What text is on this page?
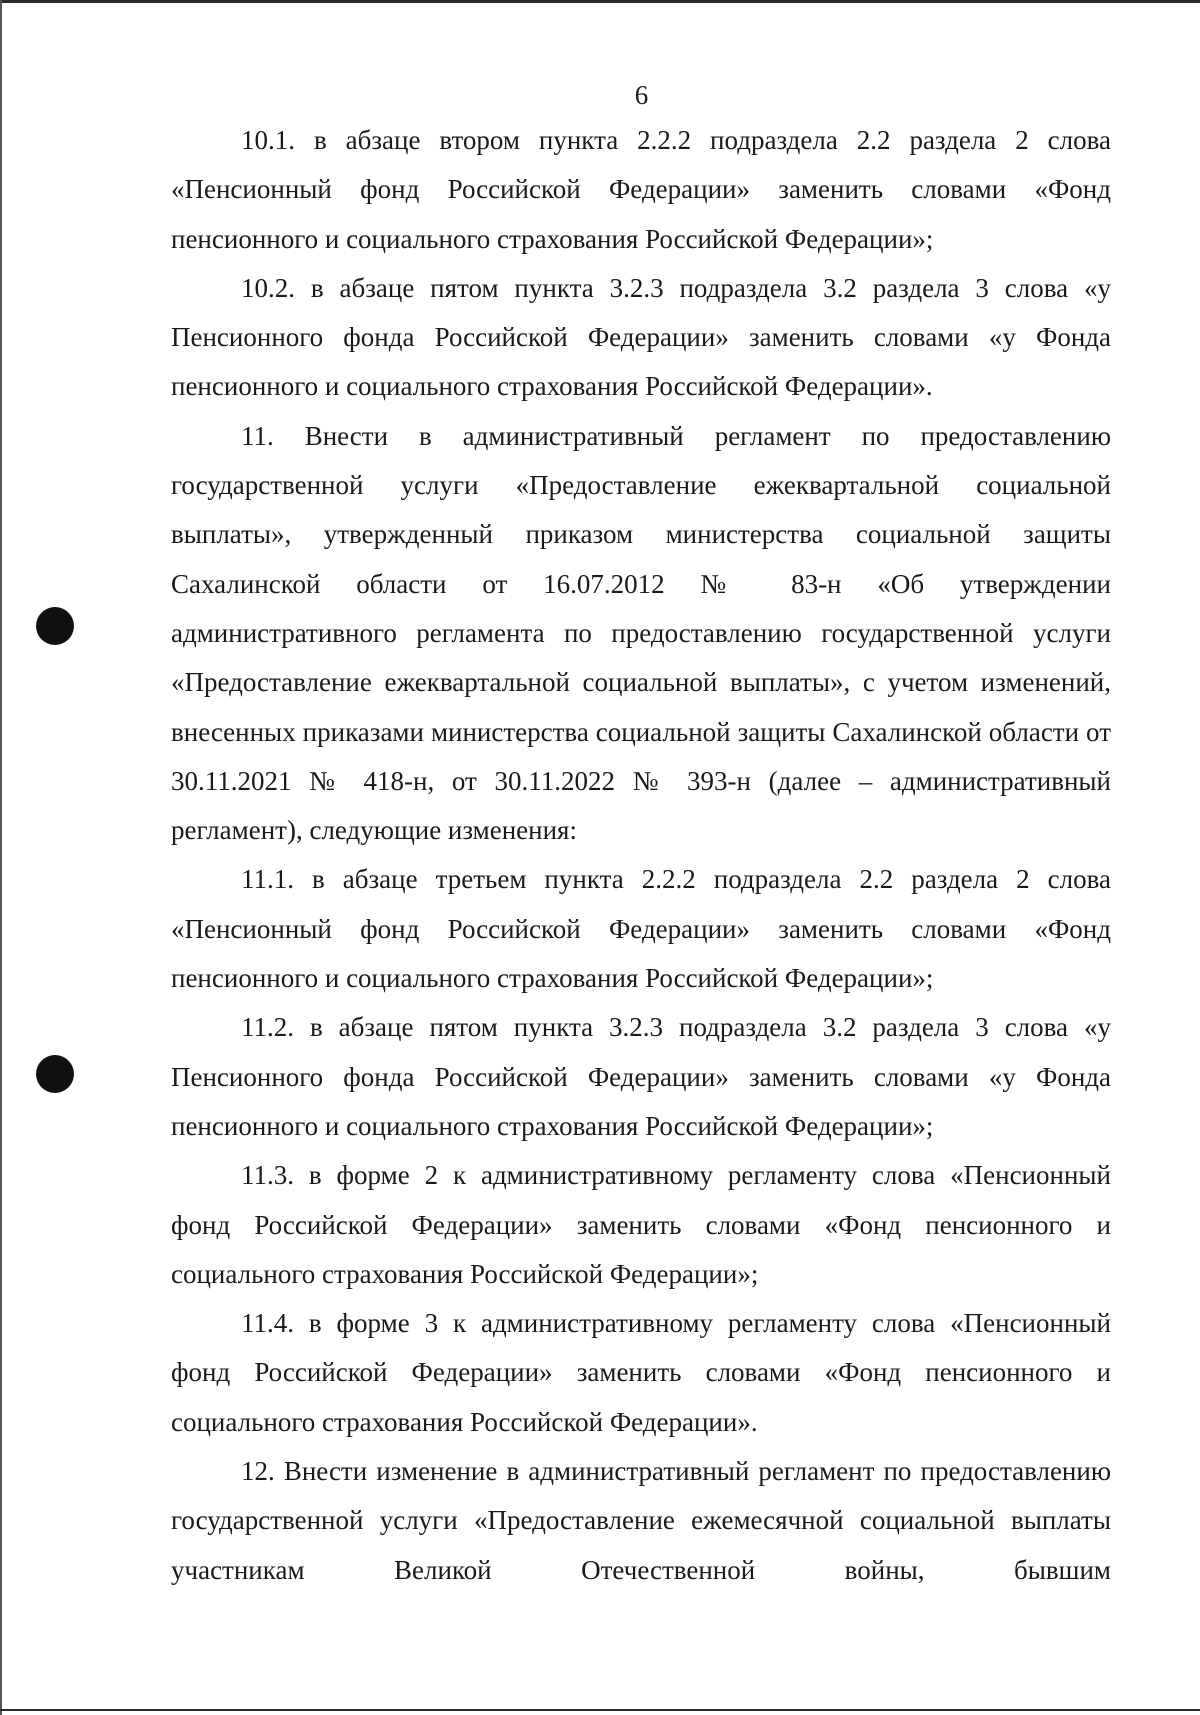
6

10.1. в абзаце втором пункта 2.2.2 подраздела 2.2 раздела 2 слова «Пенсионный фонд Российской Федерации» заменить словами «Фонд пенсионного и социального страхования Российской Федерации»;

10.2. в абзаце пятом пункта 3.2.3 подраздела 3.2 раздела 3 слова «у Пенсионного фонда Российской Федерации» заменить словами «у Фонда пенсионного и социального страхования Российской Федерации».

11. Внести в административный регламент по предоставлению государственной услуги «Предоставление ежеквартальной социальной выплаты», утвержденный приказом министерства социальной защиты Сахалинской области от 16.07.2012 № 83-н «Об утверждении административного регламента по предоставлению государственной услуги «Предоставление ежеквартальной социальной выплаты», с учетом изменений, внесенных приказами министерства социальной защиты Сахалинской области от 30.11.2021 № 418-н, от 30.11.2022 № 393-н (далее – административный регламент), следующие изменения:

11.1. в абзаце третьем пункта 2.2.2 подраздела 2.2 раздела 2 слова «Пенсионный фонд Российской Федерации» заменить словами «Фонд пенсионного и социального страхования Российской Федерации»;

11.2. в абзаце пятом пункта 3.2.3 подраздела 3.2 раздела 3 слова «у Пенсионного фонда Российской Федерации» заменить словами «у Фонда пенсионного и социального страхования Российской Федерации»;

11.3. в форме 2 к административному регламенту слова «Пенсионный фонд Российской Федерации» заменить словами «Фонд пенсионного и социального страхования Российской Федерации»;

11.4. в форме 3 к административному регламенту слова «Пенсионный фонд Российской Федерации» заменить словами «Фонд пенсионного и социального страхования Российской Федерации».

12. Внести изменение в административный регламент по предоставлению государственной услуги «Предоставление ежемесячной социальной выплаты участникам Великой Отечественной войны, бывшим
